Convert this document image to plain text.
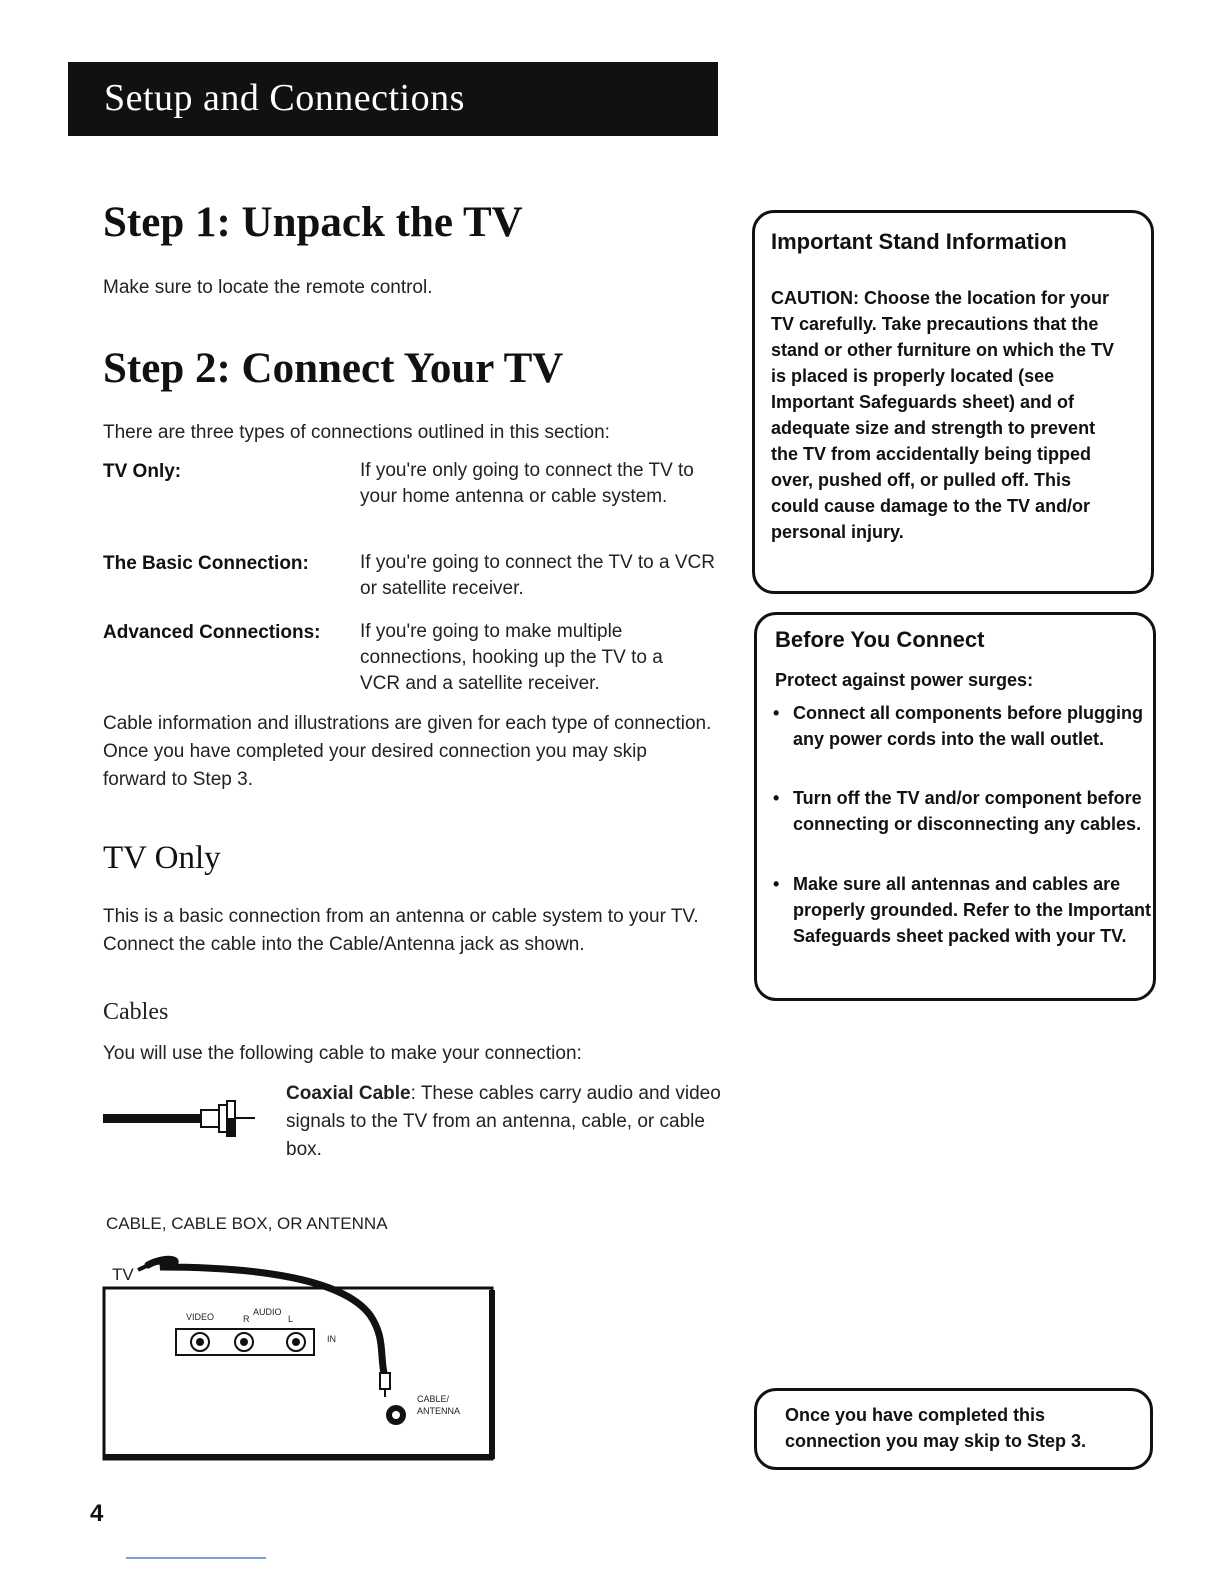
Setup and Connections
Step 1: Unpack the TV
Make sure to locate the remote control.
Step 2: Connect Your TV
There are three types of connections outlined in this section:
TV Only:	If you're only going to connect the TV to your home antenna or cable system.
The Basic Connection:	If you're going to connect the TV to a VCR or satellite receiver.
Advanced Connections: If you're going to make multiple connections, hooking up the TV to a VCR and a satellite receiver.
Cable information and illustrations are given for each type of connection. Once you have completed your desired connection you may skip forward to Step 3.
TV Only
This is a basic connection from an antenna or cable system to your TV. Connect the cable into the Cable/Antenna jack as shown.
Cables
You will use the following cable to make your connection:
Coaxial Cable: These cables carry audio and video signals to the TV from an antenna, cable, or cable box.
CABLE, CABLE BOX, OR ANTENNA
TV
VIDEO	AUDIO
R	L
IN
CABLE/
ANTENNA
Important Stand Information
CAUTION: Choose the location for your TV carefully. Take precautions that the stand or other furniture on which the TV is placed is properly located (see Important Safeguards sheet) and of adequate size and strength to prevent the TV from accidentally being tipped over, pushed off, or pulled off. This could cause damage to the TV and/or personal injury.
Before You Connect
Protect against power surges:
• Connect all components before plugging any power cords into the wall outlet.
• Turn off the TV and/or component before connecting or disconnecting any cables.
• Make sure all antennas and cables are properly grounded. Refer to the Important Safeguards sheet packed with your TV.
Once you have completed this connection you may skip to Step 3.
4
